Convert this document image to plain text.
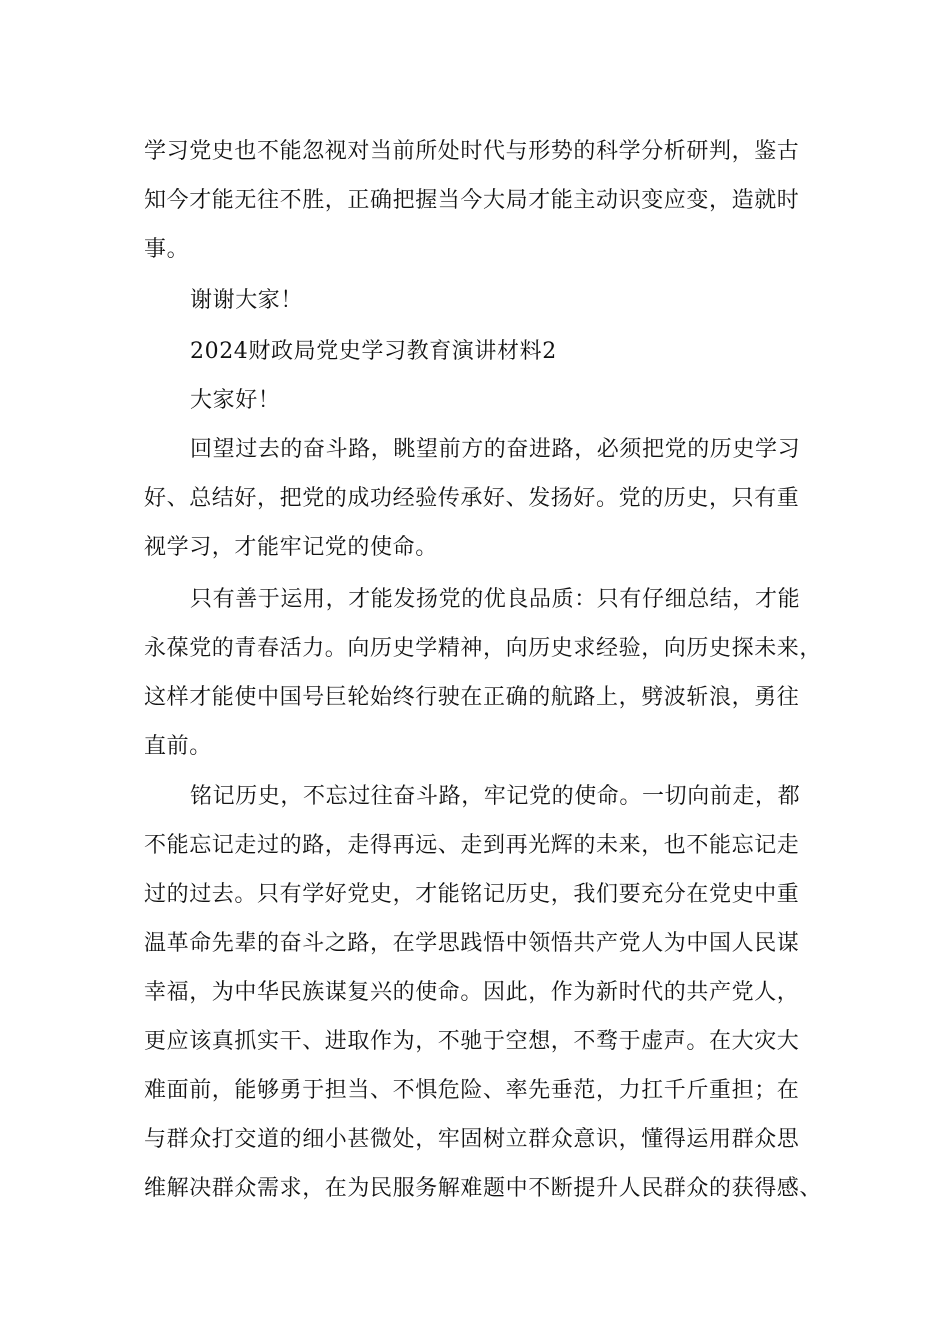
学习党史也不能忽视对当前所处时代与形势的科学分析研判，鉴古
知今才能无往不胜，正确把握当今大局才能主动识变应变，造就时
事。
谢谢大家！
2024财政局党史学习教育演讲材料2
大家好！
回望过去的奋斗路，眺望前方的奋进路，必须把党的历史学习
好、总结好，把党的成功经验传承好、发扬好。党的历史，只有重
视学习，才能牢记党的使命。
只有善于运用，才能发扬党的优良品质：只有仔细总结，才能
永葆党的青春活力。向历史学精神，向历史求经验，向历史探未来，
这样才能使中国号巨轮始终行驶在正确的航路上，劈波斩浪，勇往
直前。
铭记历史，不忘过往奋斗路，牢记党的使命。一切向前走，都
不能忘记走过的路，走得再远、走到再光辉的未来，也不能忘记走
过的过去。只有学好党史，才能铭记历史，我们要充分在党史中重
温革命先辈的奋斗之路，在学思践悟中领悟共产党人为中国人民谋
幸福，为中华民族谋复兴的使命。因此，作为新时代的共产党人，
更应该真抓实干、进取作为，不驰于空想，不骛于虚声。在大灾大
难面前，能够勇于担当、不惧危险、率先垂范，力扛千斤重担；在
与群众打交道的细小甚微处，牢固树立群众意识，懂得运用群众思
维解决群众需求，在为民服务解难题中不断提升人民群众的获得感、
